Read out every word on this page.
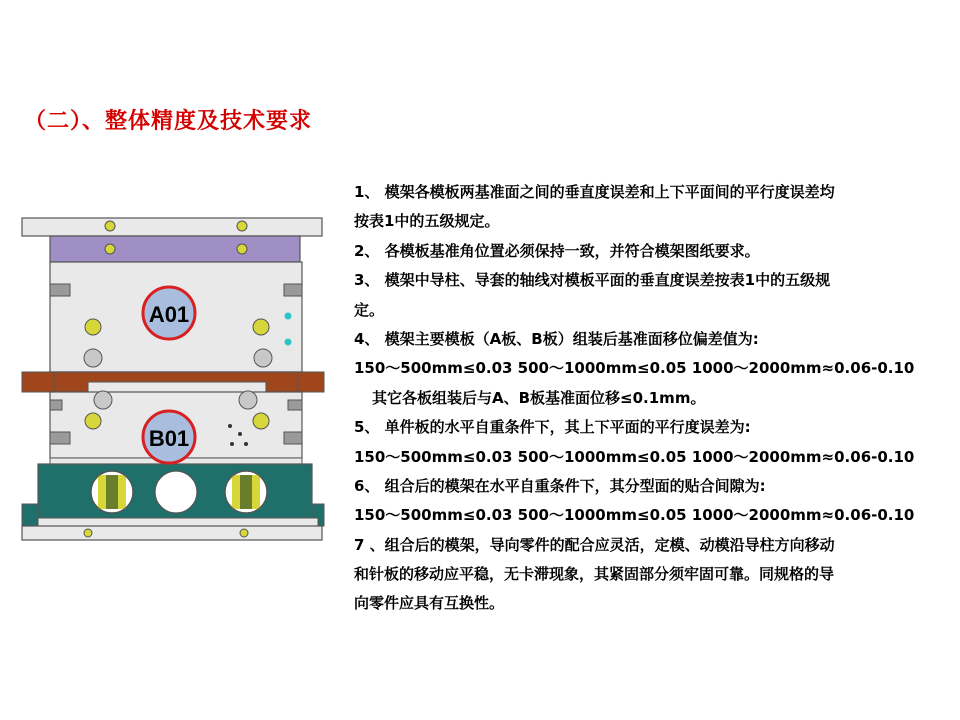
（二）、整体精度及技术要求
A01
B01
1、 模架各模板两基准面之间的垂直度误差和上下平面间的平行度误差均
按表1中的五级规定。
2、 各模板基准角位置必须保持一致，并符合模架图纸要求。
3、 模架中导柱、导套的轴线对模板平面的垂直度误差按表1中的五级规
定。
4、 模架主要模板（A板、B板）组装后基准面移位偏差值为:
150～500mm≤0.03 500～1000mm≤0.05 1000～2000mm≈0.06-0.10
其它各板组装后与A、B板基准面位移≤0.1mm。
5、 单件板的水平自重条件下，其上下平面的平行度误差为:
150～500mm≤0.03 500～1000mm≤0.05 1000～2000mm≈0.06-0.10
6、 组合后的模架在水平自重条件下，其分型面的贴合间隙为:
150～500mm≤0.03 500～1000mm≤0.05 1000～2000mm≈0.06-0.10
7 、组合后的模架，导向零件的配合应灵活，定模、动模沿导柱方向移动
和针板的移动应平稳，无卡滞现象，其紧固部分须牢固可靠。同规格的导
向零件应具有互换性。
